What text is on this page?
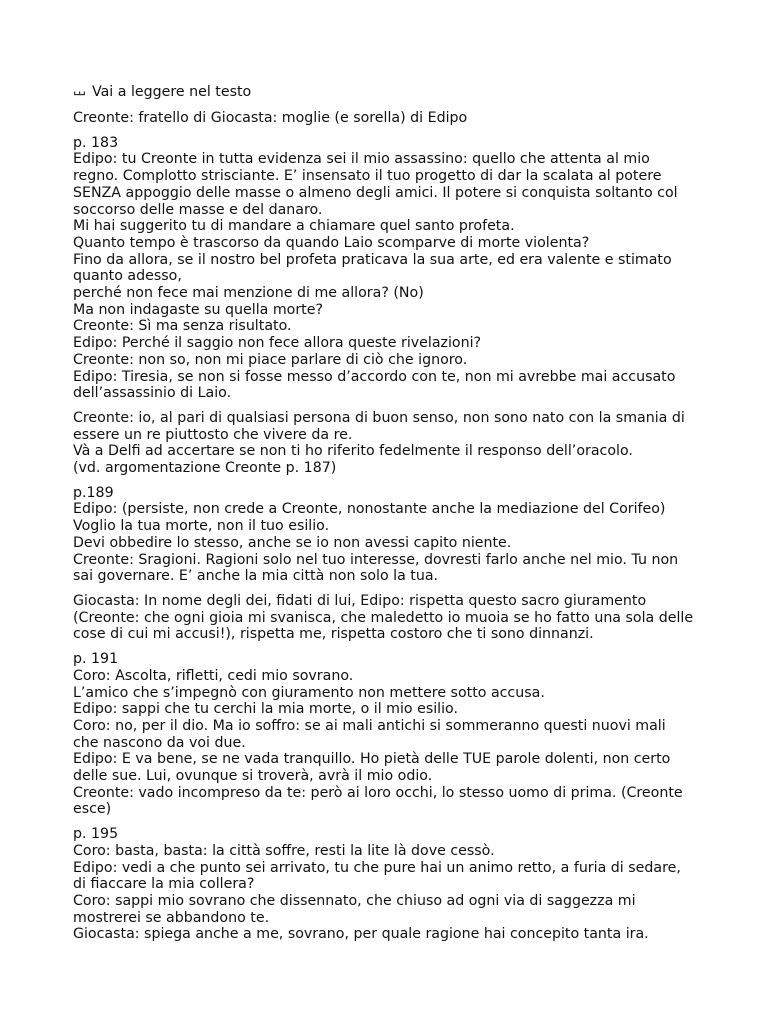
Vai a leggere nel testo
Creonte: fratello di Giocasta: moglie (e sorella) di Edipo
p. 183
Edipo: tu Creonte in tutta evidenza sei il mio assassino: quello che attenta al mio
regno. Complotto strisciante. E’ insensato il tuo progetto di dar la scalata al potere
SENZA appoggio delle masse o almeno degli amici. Il potere si conquista soltanto col
soccorso delle masse e del danaro.
Mi hai suggerito tu di mandare a chiamare quel santo profeta.
Quanto tempo è trascorso da quando Laio scomparve di morte violenta?
Fino da allora, se il nostro bel profeta praticava la sua arte, ed era valente e stimato
quanto adesso,
perché non fece mai menzione di me allora? (No)
Ma non indagaste su quella morte?
Creonte: Sì ma senza risultato.
Edipo: Perché il saggio non fece allora queste rivelazioni?
Creonte: non so, non mi piace parlare di ciò che ignoro.
Edipo: Tiresia, se non si fosse messo d’accordo con te, non mi avrebbe mai accusato
dell’assassinio di Laio.
Creonte: io, al pari di qualsiasi persona di buon senso, non sono nato con la smania di
essere un re piuttosto che vivere da re.
Và a Delfi ad accertare se non ti ho riferito fedelmente il responso dell’oracolo.
(vd. argomentazione Creonte p. 187)
p.189
Edipo: (persiste, non crede a Creonte, nonostante anche la mediazione del Corifeo)
Voglio la tua morte, non il tuo esilio.
Devi obbedire lo stesso, anche se io non avessi capito niente.
Creonte: Sragioni. Ragioni solo nel tuo interesse, dovresti farlo anche nel mio. Tu non
sai governare. E’ anche la mia città non solo la tua.
Giocasta: In nome degli dei, fidati di lui, Edipo: rispetta questo sacro giuramento
(Creonte: che ogni gioia mi svanisca, che maledetto io muoia se ho fatto una sola delle
cose di cui mi accusi!), rispetta me, rispetta costoro che ti sono dinnanzi.
p. 191
Coro: Ascolta, rifletti, cedi mio sovrano.
L’amico che s’impegnò con giuramento non mettere sotto accusa.
Edipo: sappi che tu cerchi la mia morte, o il mio esilio.
Coro: no, per il dio. Ma io soffro: se ai mali antichi si sommeranno questi nuovi mali
che nascono da voi due.
Edipo: E va bene, se ne vada tranquillo. Ho pietà delle TUE parole dolenti, non certo
delle sue. Lui, ovunque si troverà, avrà il mio odio.
Creonte: vado incompreso da te: però ai loro occhi, lo stesso uomo di prima. (Creonte
esce)
p. 195
Coro: basta, basta: la città soffre, resti la lite là dove cessò.
Edipo: vedi a che punto sei arrivato, tu che pure hai un animo retto, a furia di sedare,
di fiaccare la mia collera?
Coro: sappi mio sovrano che dissennato, che chiuso ad ogni via di saggezza mi
mostrerei se abbandono te.
Giocasta: spiega anche a me, sovrano, per quale ragione hai concepito tanta ira.
